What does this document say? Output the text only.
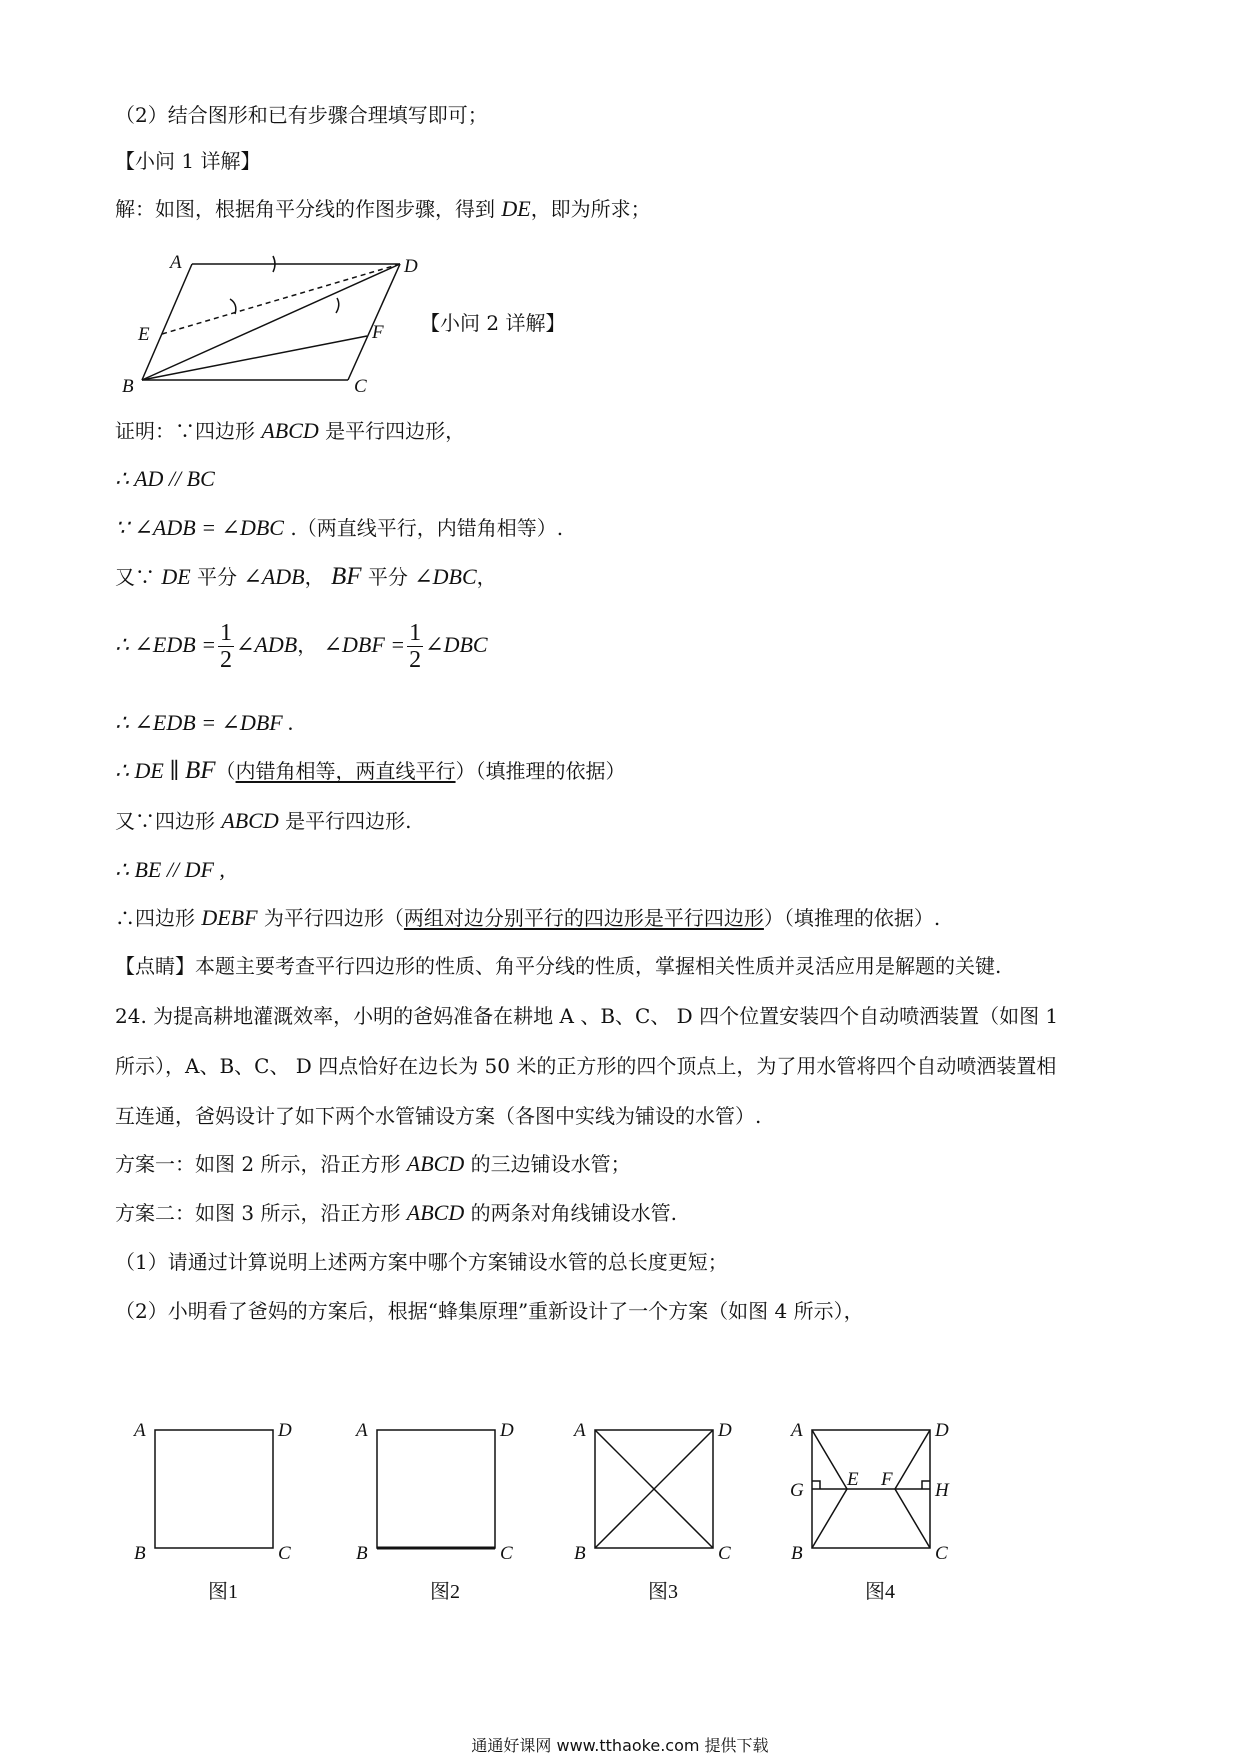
（2）结合图形和已有步骤合理填写即可；
【小问 1 详解】
解：如图，根据角平分线的作图步骤，得到 DE，即为所求；
A	D
E	F
B	C
【小问 2 详解】
证明：∵四边形 ABCD 是平行四边形，
∴ AD // BC
∵ ∠ADB = ∠DBC .（两直线平行，内错角相等）.
又∵ DE 平分 ∠ADB， BF 平分 ∠DBC，
∴ ∠EDB = $\frac{1}{2}$ ∠ADB， ∠DBF = $\frac{1}{2}$ ∠DBC
∴ ∠EDB = ∠DBF .
∴ DE ∥ BF（内错角相等，两直线平行）（填推理的依据）
又∵四边形 ABCD 是平行四边形.
∴ BE // DF ,
∴四边形 DEBF 为平行四边形（两组对边分别平行的四边形是平行四边形）（填推理的依据）.
【点睛】本题主要考查平行四边形的性质、角平分线的性质，掌握相关性质并灵活应用是解题的关键.
24. 为提高耕地灌溉效率，小明的爸妈准备在耕地 A 、B、C、 D 四个位置安装四个自动喷洒装置（如图 1
所示），A、B、C、 D 四点恰好在边长为 50 米的正方形的四个顶点上，为了用水管将四个自动喷洒装置相
互连通，爸妈设计了如下两个水管铺设方案（各图中实线为铺设的水管）.
方案一：如图 2 所示，沿正方形 ABCD 的三边铺设水管；
方案二：如图 3 所示，沿正方形 ABCD 的两条对角线铺设水管.
（1）请通过计算说明上述两方案中哪个方案铺设水管的总长度更短；
（2）小明看了爸妈的方案后，根据“蜂集原理”重新设计了一个方案（如图 4 所示），
A	D
B	C
图1
A	D
B	C
图2
A	D
B	C
图3
A	D
G
E F
H
B	C
图4
通通好课网 www.tthaoke.com 提供下载
